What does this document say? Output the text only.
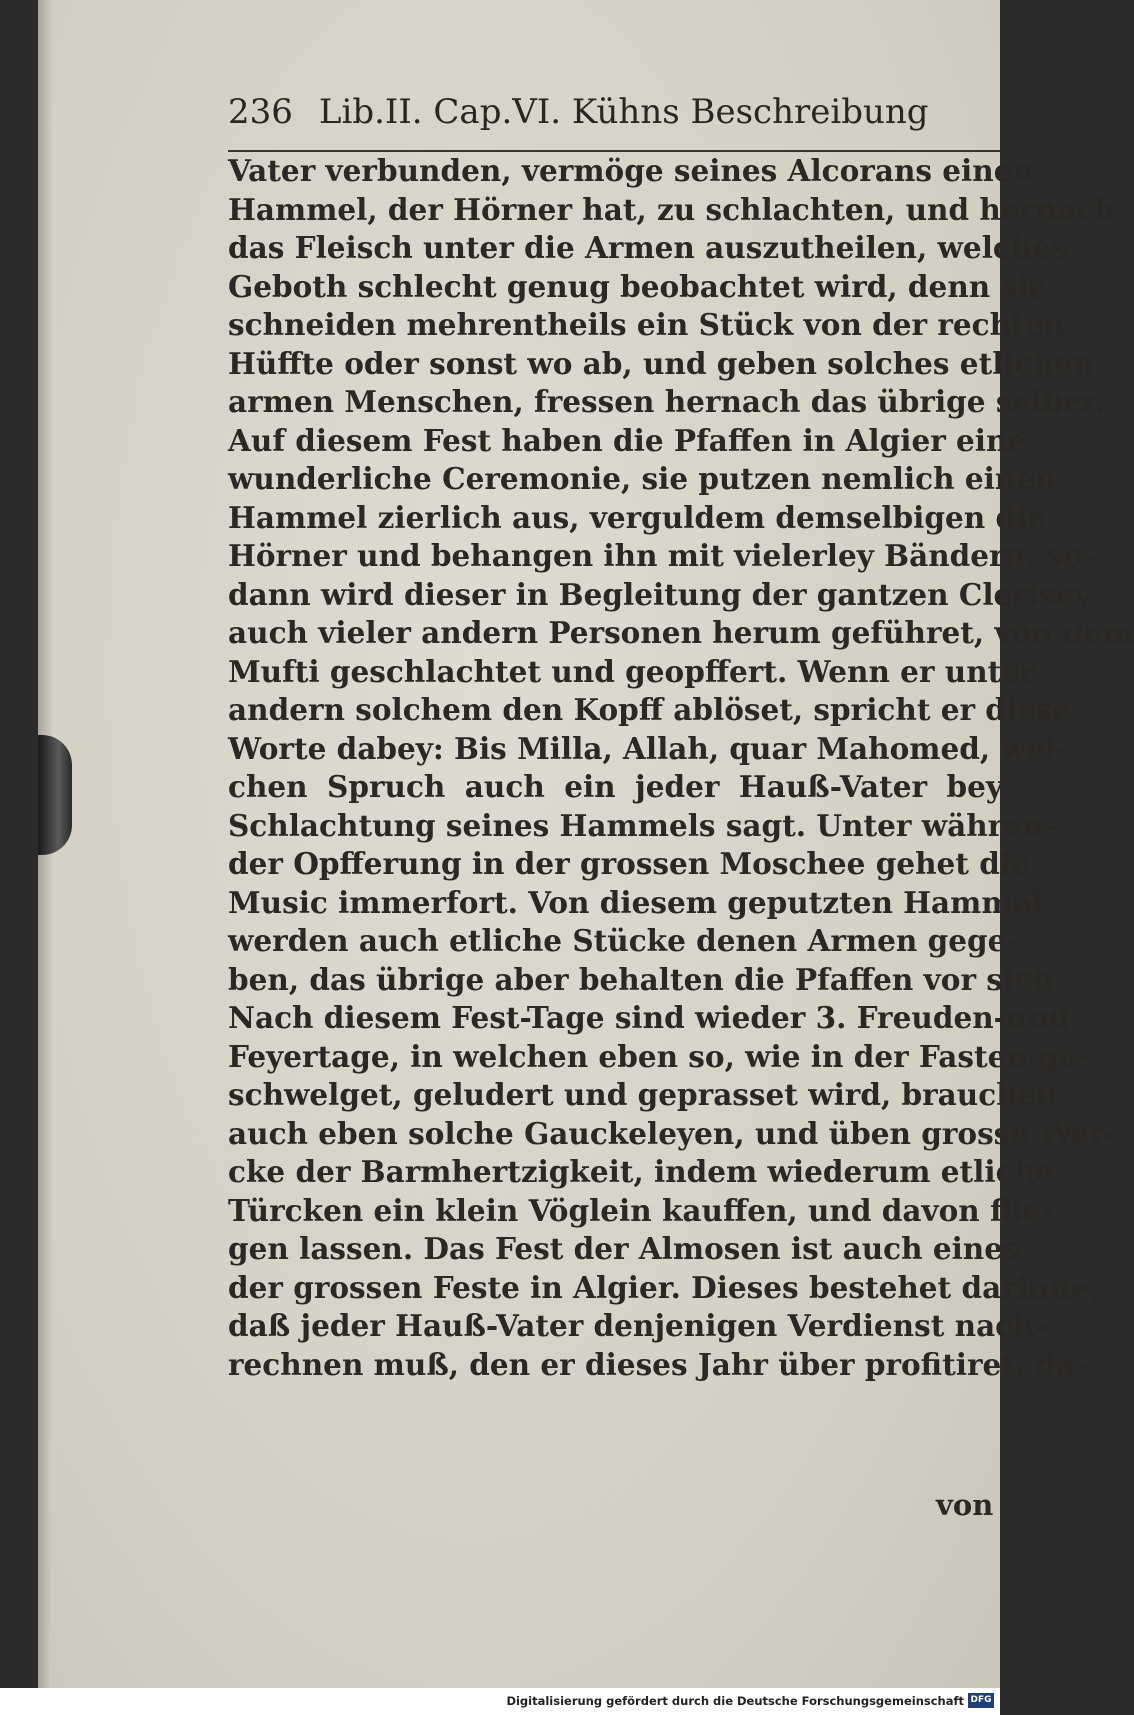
236 Lib.II. Cap.VI. Kühns Beschreibung
Vater verbunden, vermöge seines Alcorans einen
Hammel, der Hörner hat, zu schlachten, und hernach
das Fleisch unter die Armen auszutheilen, welches
Geboth schlecht genug beobachtet wird, denn sie
schneiden mehrentheils ein Stück von der rechten
Hüffte oder sonst wo ab, und geben solches etlichen
armen Menschen, fressen hernach das übrige selber.
Auf diesem Fest haben die Pfaffen in Algier eine
wunderliche Ceremonie, sie putzen nemlich einen
Hammel zierlich aus, verguldem demselbigen die
Hörner und behangen ihn mit vielerley Bändern, so-
dann wird dieser in Begleitung der gantzen Clerisey
auch vieler andern Personen herum geführet, von dem
Mufti geschlachtet und geopffert. Wenn er unter
andern solchem den Kopff ablöset, spricht er diese
Worte dabey: Bis Milla, Allah, quar Mahomed, wel-
chen Spruch auch ein jeder Hauß-Vater bey
Schlachtung seines Hammels sagt. Unter währen-
der Opfferung in der grossen Moschee gehet die
Music immerfort. Von diesem geputzten Hammel
werden auch etliche Stücke denen Armen gege-
ben, das übrige aber behalten die Pfaffen vor sich
Nach diesem Fest-Tage sind wieder 3. Freuden-und
Feyertage, in welchen eben so, wie in der Fasten ge-
schwelget, geludert und geprasset wird, brauchen
auch eben solche Gauckeleyen, und üben grosse Wer-
cke der Barmhertzigkeit, indem wiederum etliche
Türcken ein klein Vöglein kauffen, und davon flie-
gen lassen. Das Fest der Almosen ist auch eines
der grossen Feste in Algier. Dieses bestehet darinne,
daß jeder Hauß-Vater denjenigen Verdienst nach-
rechnen muß, den er dieses Jahr über profitiret, da-
von
Digitalisierung gefördert durch die Deutsche Forschungsgemeinschaft DFG
